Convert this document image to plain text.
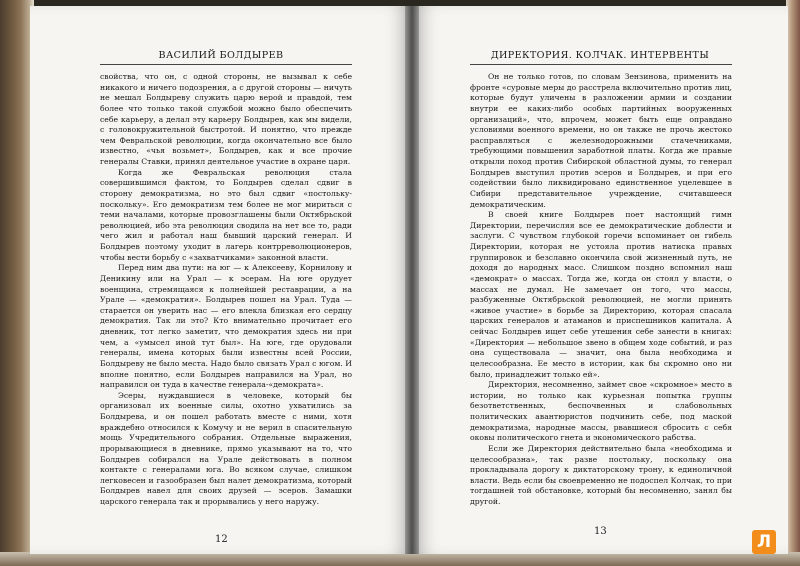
ВАСИЛИЙ БОЛДЫРЕВ

свойства, что он, с одной стороны, не вызывал к себе никакого и ничего подозрения, а с другой стороны — ничуть не мешал Болдыреву служить царю верой и правдой, тем более что только такой службой можно было обеспечить себе карьеру, а делал эту карьеру Болдырев, как мы видели, с головокружительной быстротой. И понятно, что прежде чем Февральской революции, когда окончательно все было известно, «чья возьмет», Болдырев, как и все прочие генералы Ставки, принял деятельное участие в охране царя.

Когда же Февральская революция стала совершившимся фактом, то Болдырев сделал сдвиг в сторону демократизма, но это был сдвиг «постольку-поскольку». Его демократизм тем более не мог мириться с теми началами, которые провозглашены были Октябрьской революцией, ибо эта революция сводила на нет все то, ради чего жил и работал наш бывший царский генерал. И Болдырев поэтому уходит в лагерь контрреволюционеров, чтобы вести борьбу с «захватчиками» законной власти.

Перед ним два пути: на юг — к Алексееву, Корнилову и Деникину или на Урал — к эсерам. На юге орудует военщина, стремящаяся к полнейшей реставрации, а на Урале — «демократия». Болдырев пошел на Урал. Туда — старается он уверить нас — его влекла близкая его сердцу демократия. Так ли это? Кто внимательно прочитает его дневник, тот легко заметит, что демократия здесь ни при чем, а «умысел иной тут был». На юге, где орудовали генералы, имена которых были известны всей России, Болдыреву не было места. Надо было связать Урал с югом. И вполне понятно, если Болдырев направился на Урал, но направился он туда в качестве генерала-«демократа».

Эсеры, нуждавшиеся в человеке, который бы организовал их военные силы, охотно ухватились за Болдырева, и он пошел работать вместе с ними, хотя враждебно относился к Комучу и не верил в спасительную мощь Учредительного собрания. Отдельные выражения, прорывающиеся в дневнике, прямо указывают на то, что Болдырев собирался на Урале действовать в полном контакте с генералами юга. Во всяком случае, слишком легковесен и газообразен был налет демократизма, который Болдырев навел для своих друзей — эсеров. Замашки царского генерала так и прорывались у него наружу.

12
ДИРЕКТОРИЯ. КОЛЧАК. ИНТЕРВЕНТЫ

Он не только готов, по словам Зензинова, применить на фронте «суровые меры до расстрела включительно против лиц, которые будут уличены в разложении армии и создании внутри ее каких-либо особых партийных вооруженных организаций», что, впрочем, может быть еще оправдано условиями военного времени, но он также не прочь жестоко расправляться с железнодорожными стачечниками, требующими повышения заработной платы. Когда же правые открыли поход против Сибирской областной думы, то генерал Болдырев выступил против эсеров и Болдырев, и при его содействии было ликвидировано единственное уцелевшее в Сибири представительное учреждение, считавшееся демократическим.

В своей книге Болдырев поет настоящий гимн Директории, перечисляя все ее демократические доблести и заслуги. С чувством глубокой горечи вспоминает он гибель Директории, которая не устояла против натиска правых группировок и безславно окончила свой жизненный путь, не доходя до народных масс. Слишком поздно вспомнил наш «демократ» о массах. Тогда же, когда он стоял у власти, о массах не думал. Не замечает он того, что массы, разбуженные Октябрьской революцией, не могли принять «живое участие» в борьбе за Директорию, которая спасала царских генералов и атаманов и приспешников капитала. А сейчас Болдырев ищет себе утешения себе занести в книгах: «Директория — небольшое звено в общем ходе событий, и раз она существовала — значит, она была необходима и целесообразна. Ее место в истории, как бы скромно оно ни было, принадлежит только ей».

Директория, несомненно, займет свое «скромное» место в истории, но только как курьезная попытка группы безответственных, беспочвенных и слабовольных политических авантюристов подчинить себе, под маской демократизма, народные массы, рвавшиеся сбросить с себя оковы политического гнета и экономического рабства.

Если же Директория действительно была «необходима и целесообразна», так разве постольку, поскольку она прокладывала дорогу к диктаторскому трону, к единоличной власти. Ведь если бы своевременно не подоспел Колчак, то при тогдашней той обстановке, который бы несомненно, занял бы другой.

13
Л
